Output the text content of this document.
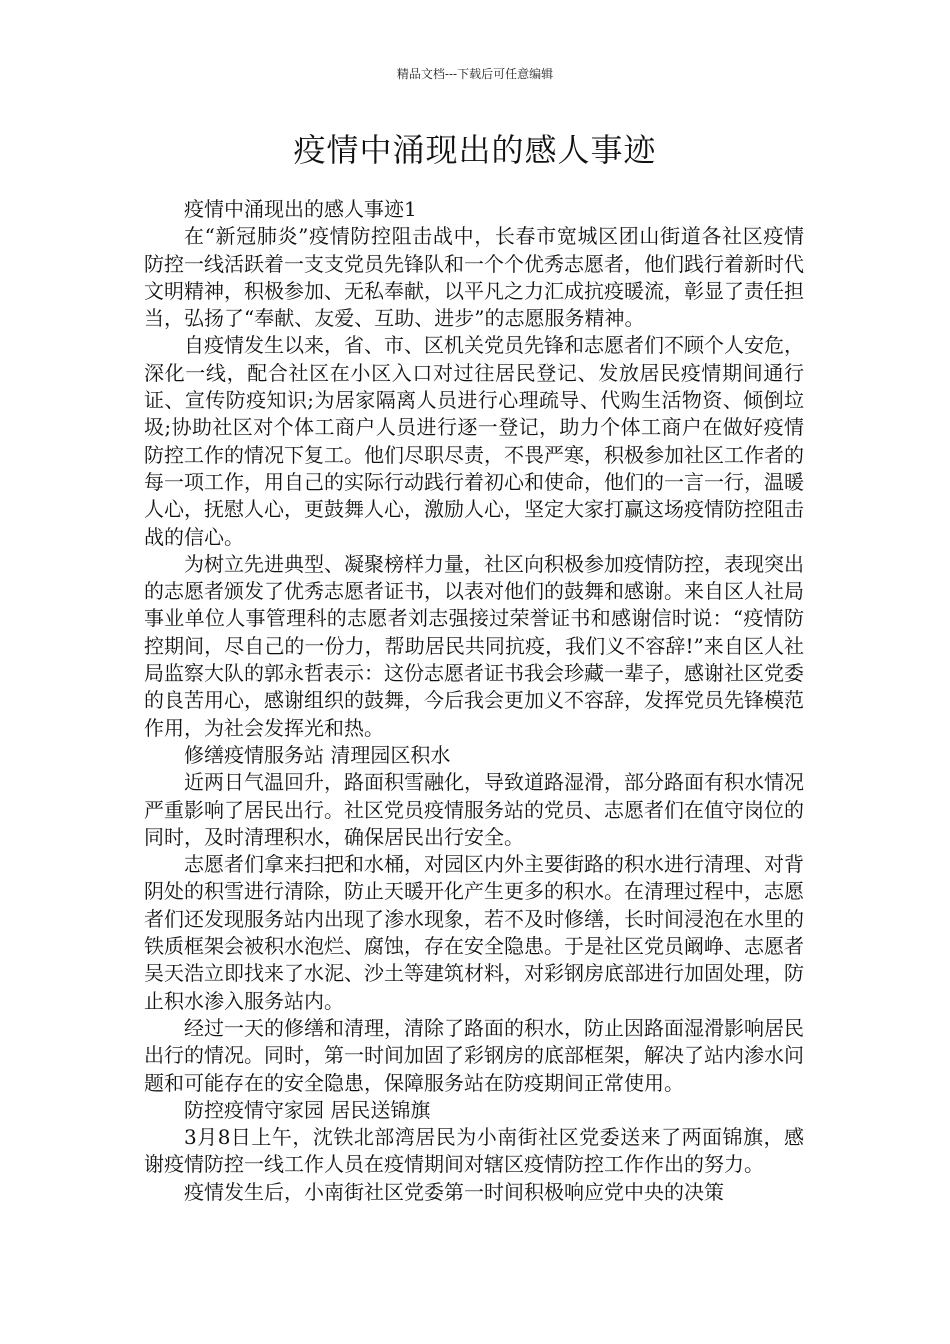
精品文档---下载后可任意编辑
疫情中涌现出的感人事迹

疫情中涌现出的感人事迹1

在“新冠肺炎”疫情防控阻击战中，长春市宽城区团山街道各社区疫情防控一线活跃着一支支党员先锋队和一个个优秀志愿者，他们践行着新时代文明精神，积极参加、无私奉献，以平凡之力汇成抗疫暖流，彰显了责任担当，弘扬了“奉献、友爱、互助、进步”的志愿服务精神。

自疫情发生以来，省、市、区机关党员先锋和志愿者们不顾个人安危，深化一线，配合社区在小区入口对过往居民登记、发放居民疫情期间通行证、宣传防疫知识;为居家隔离人员进行心理疏导、代购生活物资、倾倒垃圾;协助社区对个体工商户人员进行逐一登记，助力个体工商户在做好疫情防控工作的情况下复工。他们尽职尽责，不畏严寒，积极参加社区工作者的每一项工作，用自己的实际行动践行着初心和使命，他们的一言一行，温暖人心，抚慰人心，更鼓舞人心，激励人心，坚定大家打赢这场疫情防控阻击战的信心。

为树立先进典型、凝聚榜样力量，社区向积极参加疫情防控，表现突出的志愿者颁发了优秀志愿者证书，以表对他们的鼓舞和感谢。来自区人社局事业单位人事管理科的志愿者刘志强接过荣誉证书和感谢信时说：“疫情防控期间，尽自己的一份力，帮助居民共同抗疫，我们义不容辞!”来自区人社局监察大队的郭永哲表示：这份志愿者证书我会珍藏一辈子，感谢社区党委的良苦用心，感谢组织的鼓舞，今后我会更加义不容辞，发挥党员先锋模范作用，为社会发挥光和热。

修缮疫情服务站 清理园区积水

近两日气温回升，路面积雪融化，导致道路湿滑，部分路面有积水情况严重影响了居民出行。社区党员疫情服务站的党员、志愿者们在值守岗位的同时，及时清理积水，确保居民出行安全。

志愿者们拿来扫把和水桶，对园区内外主要街路的积水进行清理、对背阴处的积雪进行清除，防止天暖开化产生更多的积水。在清理过程中，志愿者们还发现服务站内出现了渗水现象，若不及时修缮，长时间浸泡在水里的铁质框架会被积水泡烂、腐蚀，存在安全隐患。于是社区党员阚峥、志愿者吴天浩立即找来了水泥、沙土等建筑材料，对彩钢房底部进行加固处理，防止积水渗入服务站内。

经过一天的修缮和清理，清除了路面的积水，防止因路面湿滑影响居民出行的情况。同时，第一时间加固了彩钢房的底部框架，解决了站内渗水问题和可能存在的安全隐患，保障服务站在防疫期间正常使用。

防控疫情守家园 居民送锦旗

3月8日上午，沈铁北部湾居民为小南街社区党委送来了两面锦旗，感谢疫情防控一线工作人员在疫情期间对辖区疫情防控工作作出的努力。

疫情发生后，小南街社区党委第一时间积极响应党中央的决策
